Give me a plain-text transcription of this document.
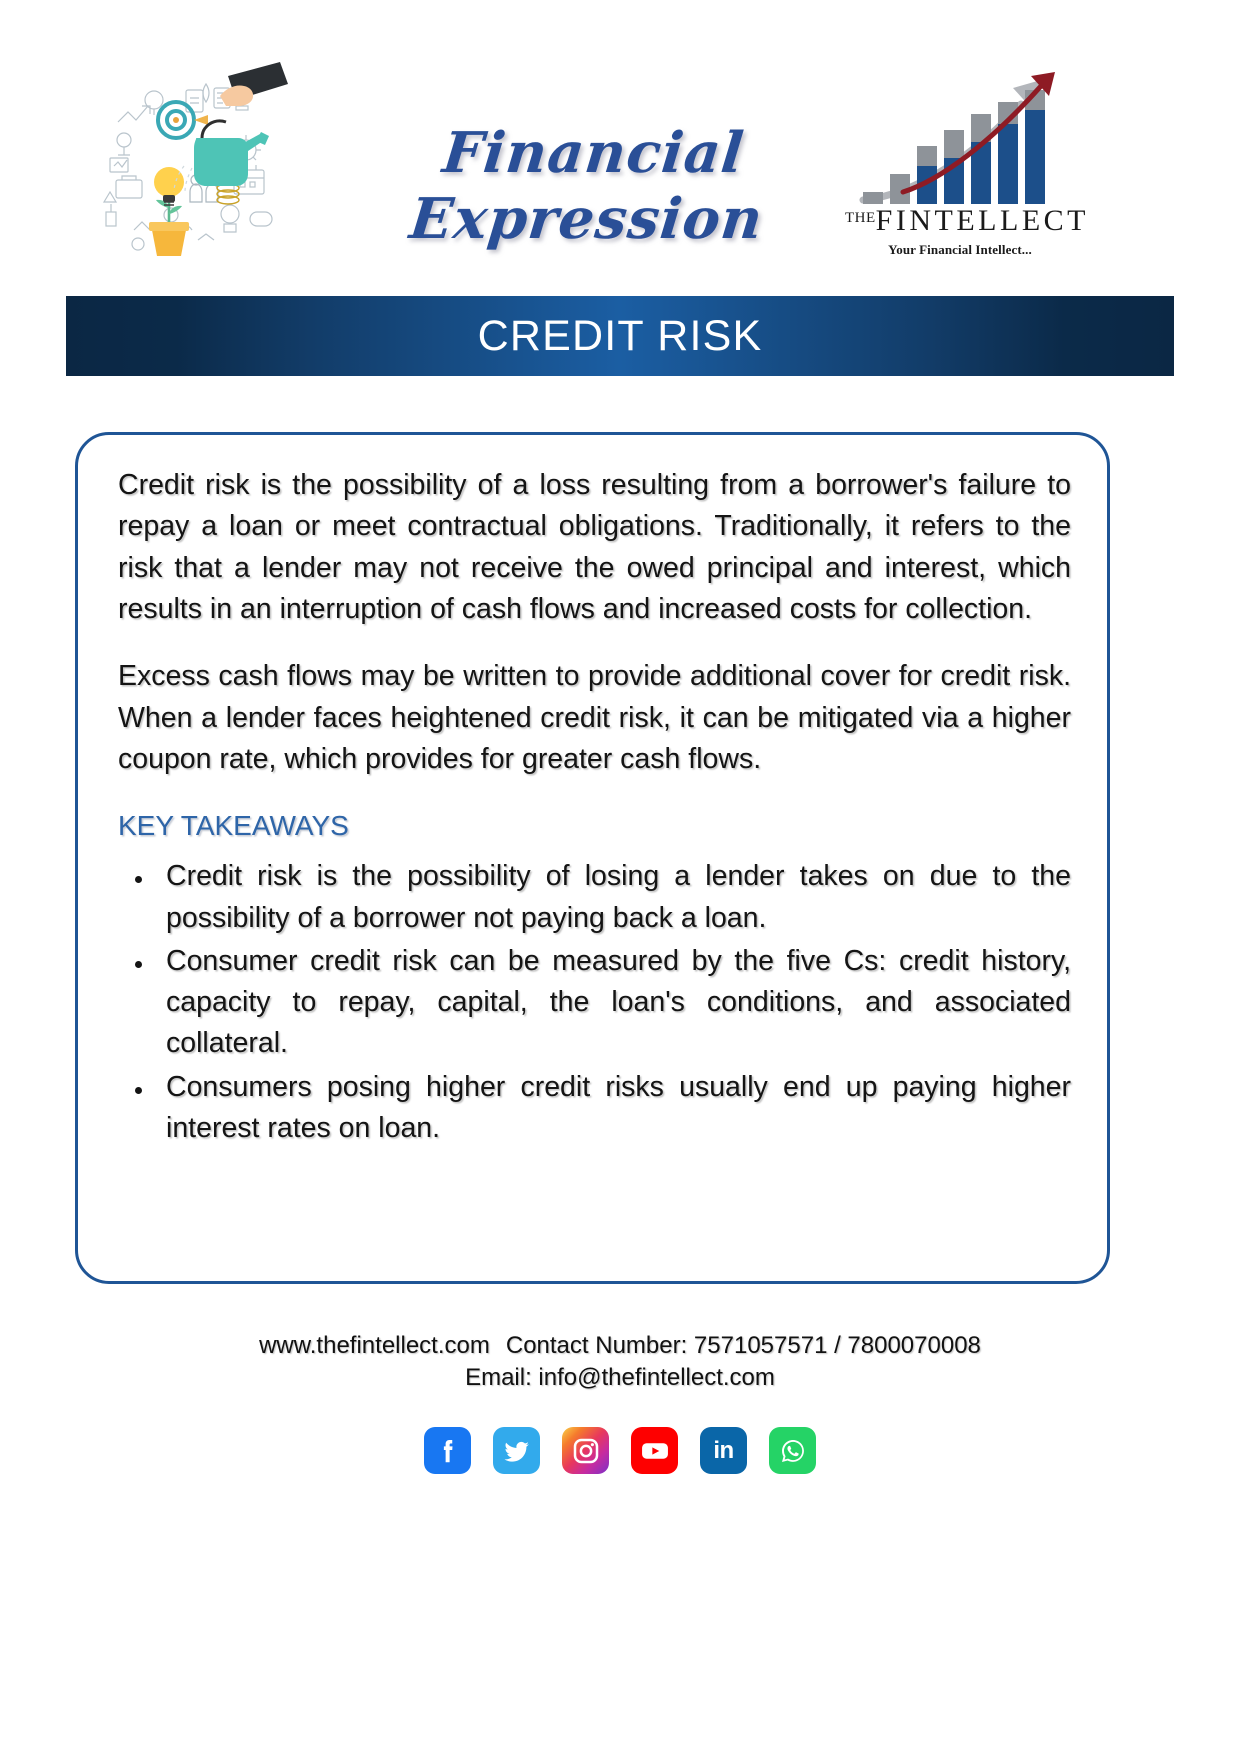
Financial Expression	THEFINTELLECT
Your Financial Intellect...
CREDIT RISK

Credit risk is the possibility of a loss resulting from a borrower's failure to repay a loan or meet contractual obligations. Traditionally, it refers to the risk that a lender may not receive the owed principal and interest, which results in an interruption of cash flows and increased costs for collection.

Excess cash flows may be written to provide additional cover for credit risk. When a lender faces heightened credit risk, it can be mitigated via a higher coupon rate, which provides for greater cash flows.

KEY TAKEAWAYS
Credit risk is the possibility of losing a lender takes on due to the possibility of a borrower not paying back a loan.
Consumer credit risk can be measured by the five Cs: credit history, capacity to repay, capital, the loan's conditions, and associated collateral.
Consumers posing higher credit risks usually end up paying higher interest rates on loan.
www.thefintellect.com Contact Number: 7571057571 / 7800070008
Email: info@thefintellect.com
in
